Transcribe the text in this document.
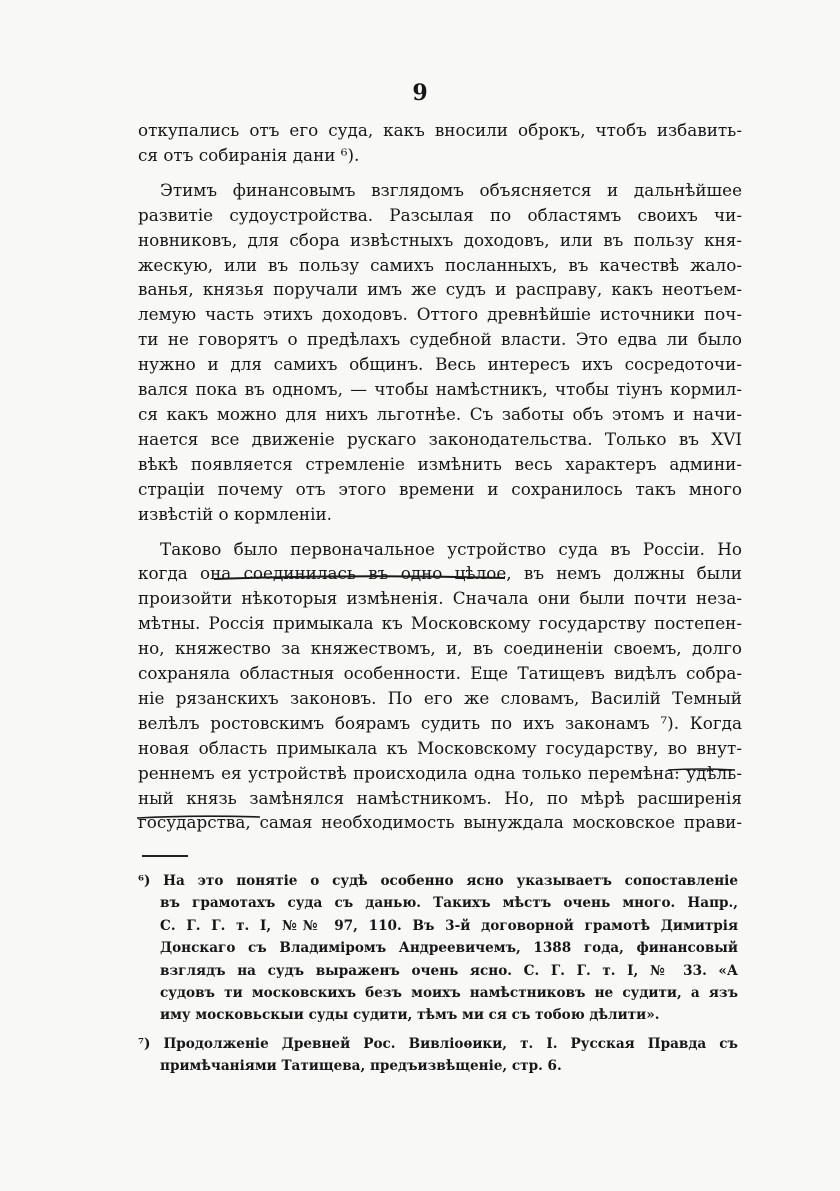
9
откупались отъ его суда, какъ вносили оброкъ, чтобъ избавить-
ся отъ собиранія дани ⁶).
Этимъ финансовымъ взглядомъ объясняется и дальнѣйшее
развитіе судоустройства. Разсылая по областямъ своихъ чи-
новниковъ, для сбора извѣстныхъ доходовъ, или въ пользу кня-
жескую, или въ пользу самихъ посланныхъ, въ качествѣ жало-
ванья, князья поручали имъ же судъ и расправу, какъ неотъем-
лемую часть этихъ доходовъ. Оттого древнѣйшіе источники поч-
ти не говорятъ о предѣлахъ судебной власти. Это едва ли было
нужно и для самихъ общинъ. Весь интересъ ихъ сосредоточи-
вался пока въ одномъ, — чтобы намѣстникъ, чтобы тіунъ кормил-
ся какъ можно для нихъ льготнѣе. Съ заботы объ этомъ и начи-
нается все движеніе рускаго законодательства. Только въ XVI
вѣкѣ появляется стремленіе измѣнить весь характеръ админи-
страціи почему отъ этого времени и сохранилось такъ много
извѣстій о кормленіи.
Таково было первоначальное устройство суда въ Россіи. Но
когда она соединилась въ одно цѣлое, въ немъ должны были
произойти нѣкоторыя измѣненія. Сначала они были почти неза-
мѣтны. Россія примыкала къ Московскому государству постепен-
но, княжество за княжествомъ, и, въ соединеніи своемъ, долго
сохраняла областныя особенности. Еще Татищевъ видѣлъ собра-
ніе рязанскихъ законовъ. По его же словамъ, Василій Темный
велѣлъ ростовскимъ боярамъ судить по ихъ законамъ ⁷). Когда
новая область примыкала къ Московскому государству, во внут-
реннемъ ея устройствѣ происходила одна только перемѣна: удѣль-
ный князь замѣнялся намѣстникомъ. Но, по мѣрѣ расширенія
государства, самая необходимость вынуждала московское прави-
⁶) На это понятіе о судѣ особенно ясно указываетъ сопоставленіе
въ грамотахъ суда съ данью. Такихъ мѣстъ очень много. Напр.,
С. Г. Г. т. I, №№ 97, 110. Въ 3-й договорной грамотѣ Димитрія
Донскаго съ Владиміромъ Андреевичемъ, 1388 года, финансовый
взглядъ на судъ выраженъ очень ясно. С. Г. Г. т. I, № 33. «А
судовъ ти московскихъ безъ моихъ намѣстниковъ не судити, а язъ
иму московьскыи суды судити, тѣмъ ми ся съ тобою дѣлити».
⁷) Продолженіе Древней Рос. Вивліоѳики, т. I. Русская Правда съ
примѣчаніями Татищева, предъизвѣщеніе, стр. 6.
